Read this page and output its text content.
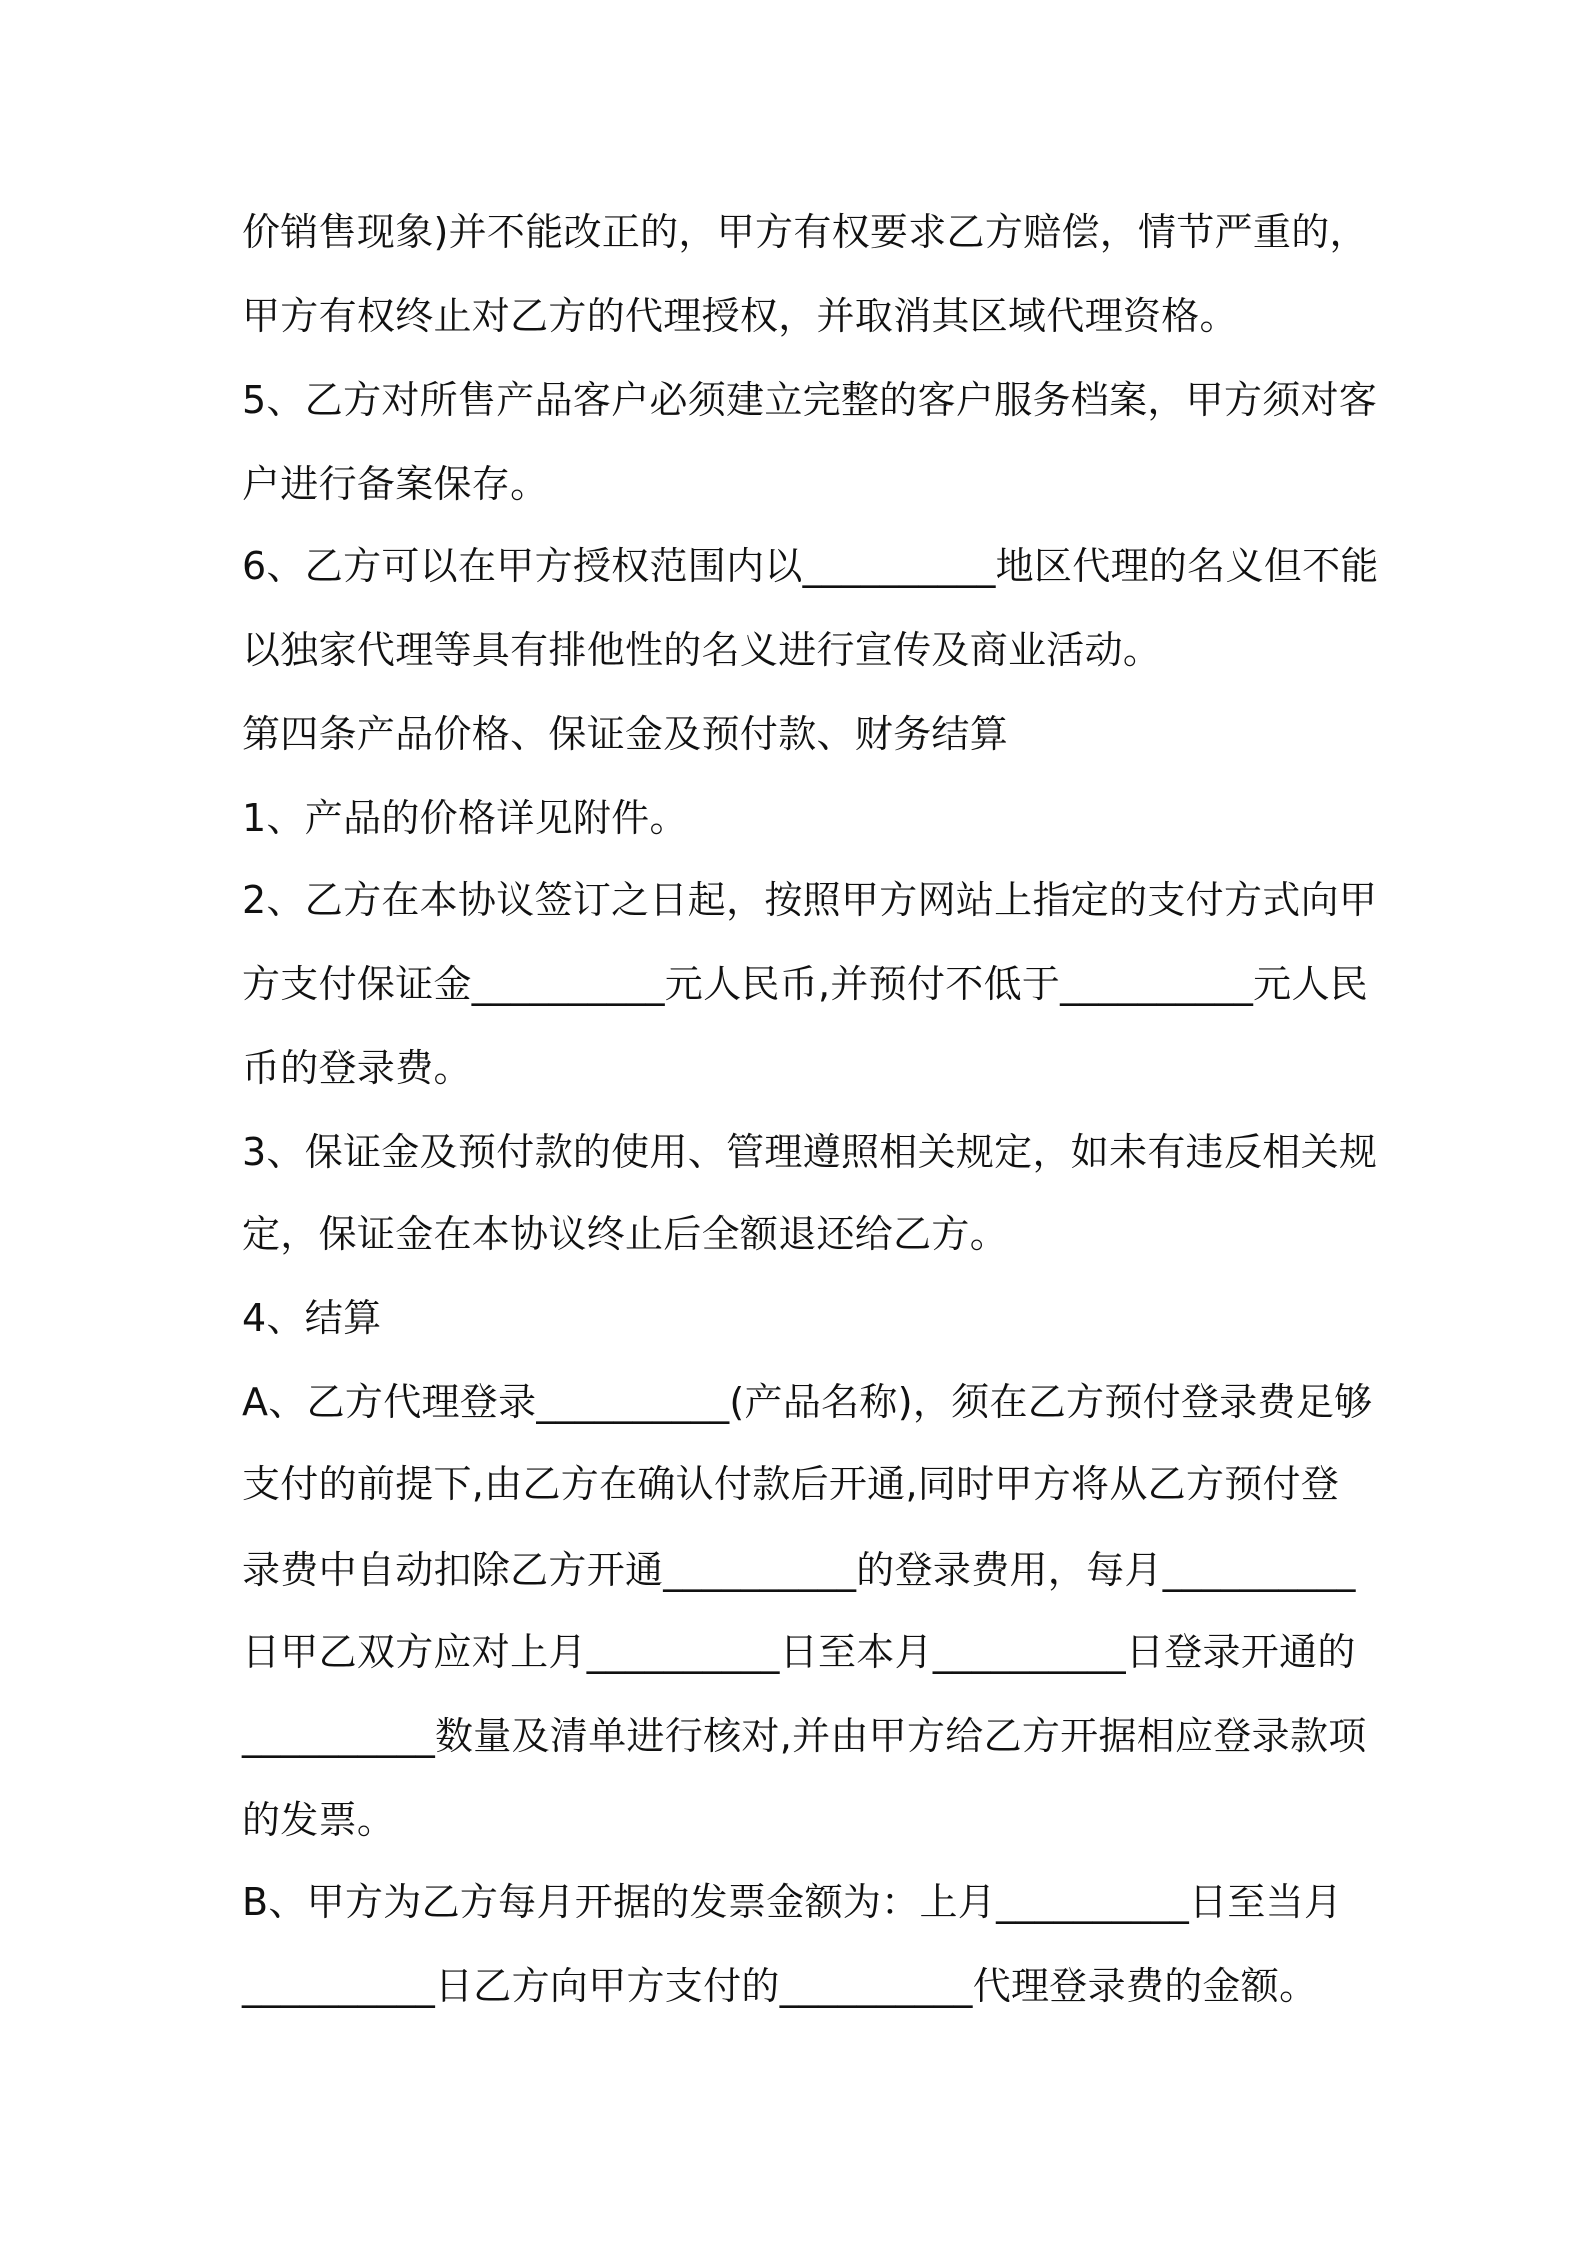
价销售现象)并不能改正的，甲方有权要求乙方赔偿，情节严重的，
甲方有权终止对乙方的代理授权，并取消其区域代理资格。
5、乙方对所售产品客户必须建立完整的客户服务档案，甲方须对客
户进行备案保存。
6、乙方可以在甲方授权范围内以__________地区代理的名义但不能
以独家代理等具有排他性的名义进行宣传及商业活动。
第四条产品价格、保证金及预付款、财务结算
1、产品的价格详见附件。
2、乙方在本协议签订之日起，按照甲方网站上指定的支付方式向甲
方支付保证金__________元人民币,并预付不低于__________元人民
币的登录费。
3、保证金及预付款的使用、管理遵照相关规定，如未有违反相关规
定，保证金在本协议终止后全额退还给乙方。
4、结算
A、乙方代理登录__________(产品名称)，须在乙方预付登录费足够
支付的前提下,由乙方在确认付款后开通,同时甲方将从乙方预付登
录费中自动扣除乙方开通__________的登录费用，每月__________
日甲乙双方应对上月__________日至本月__________日登录开通的
__________数量及清单进行核对,并由甲方给乙方开据相应登录款项
的发票。
B、甲方为乙方每月开据的发票金额为：上月__________日至当月
__________日乙方向甲方支付的__________代理登录费的金额。
